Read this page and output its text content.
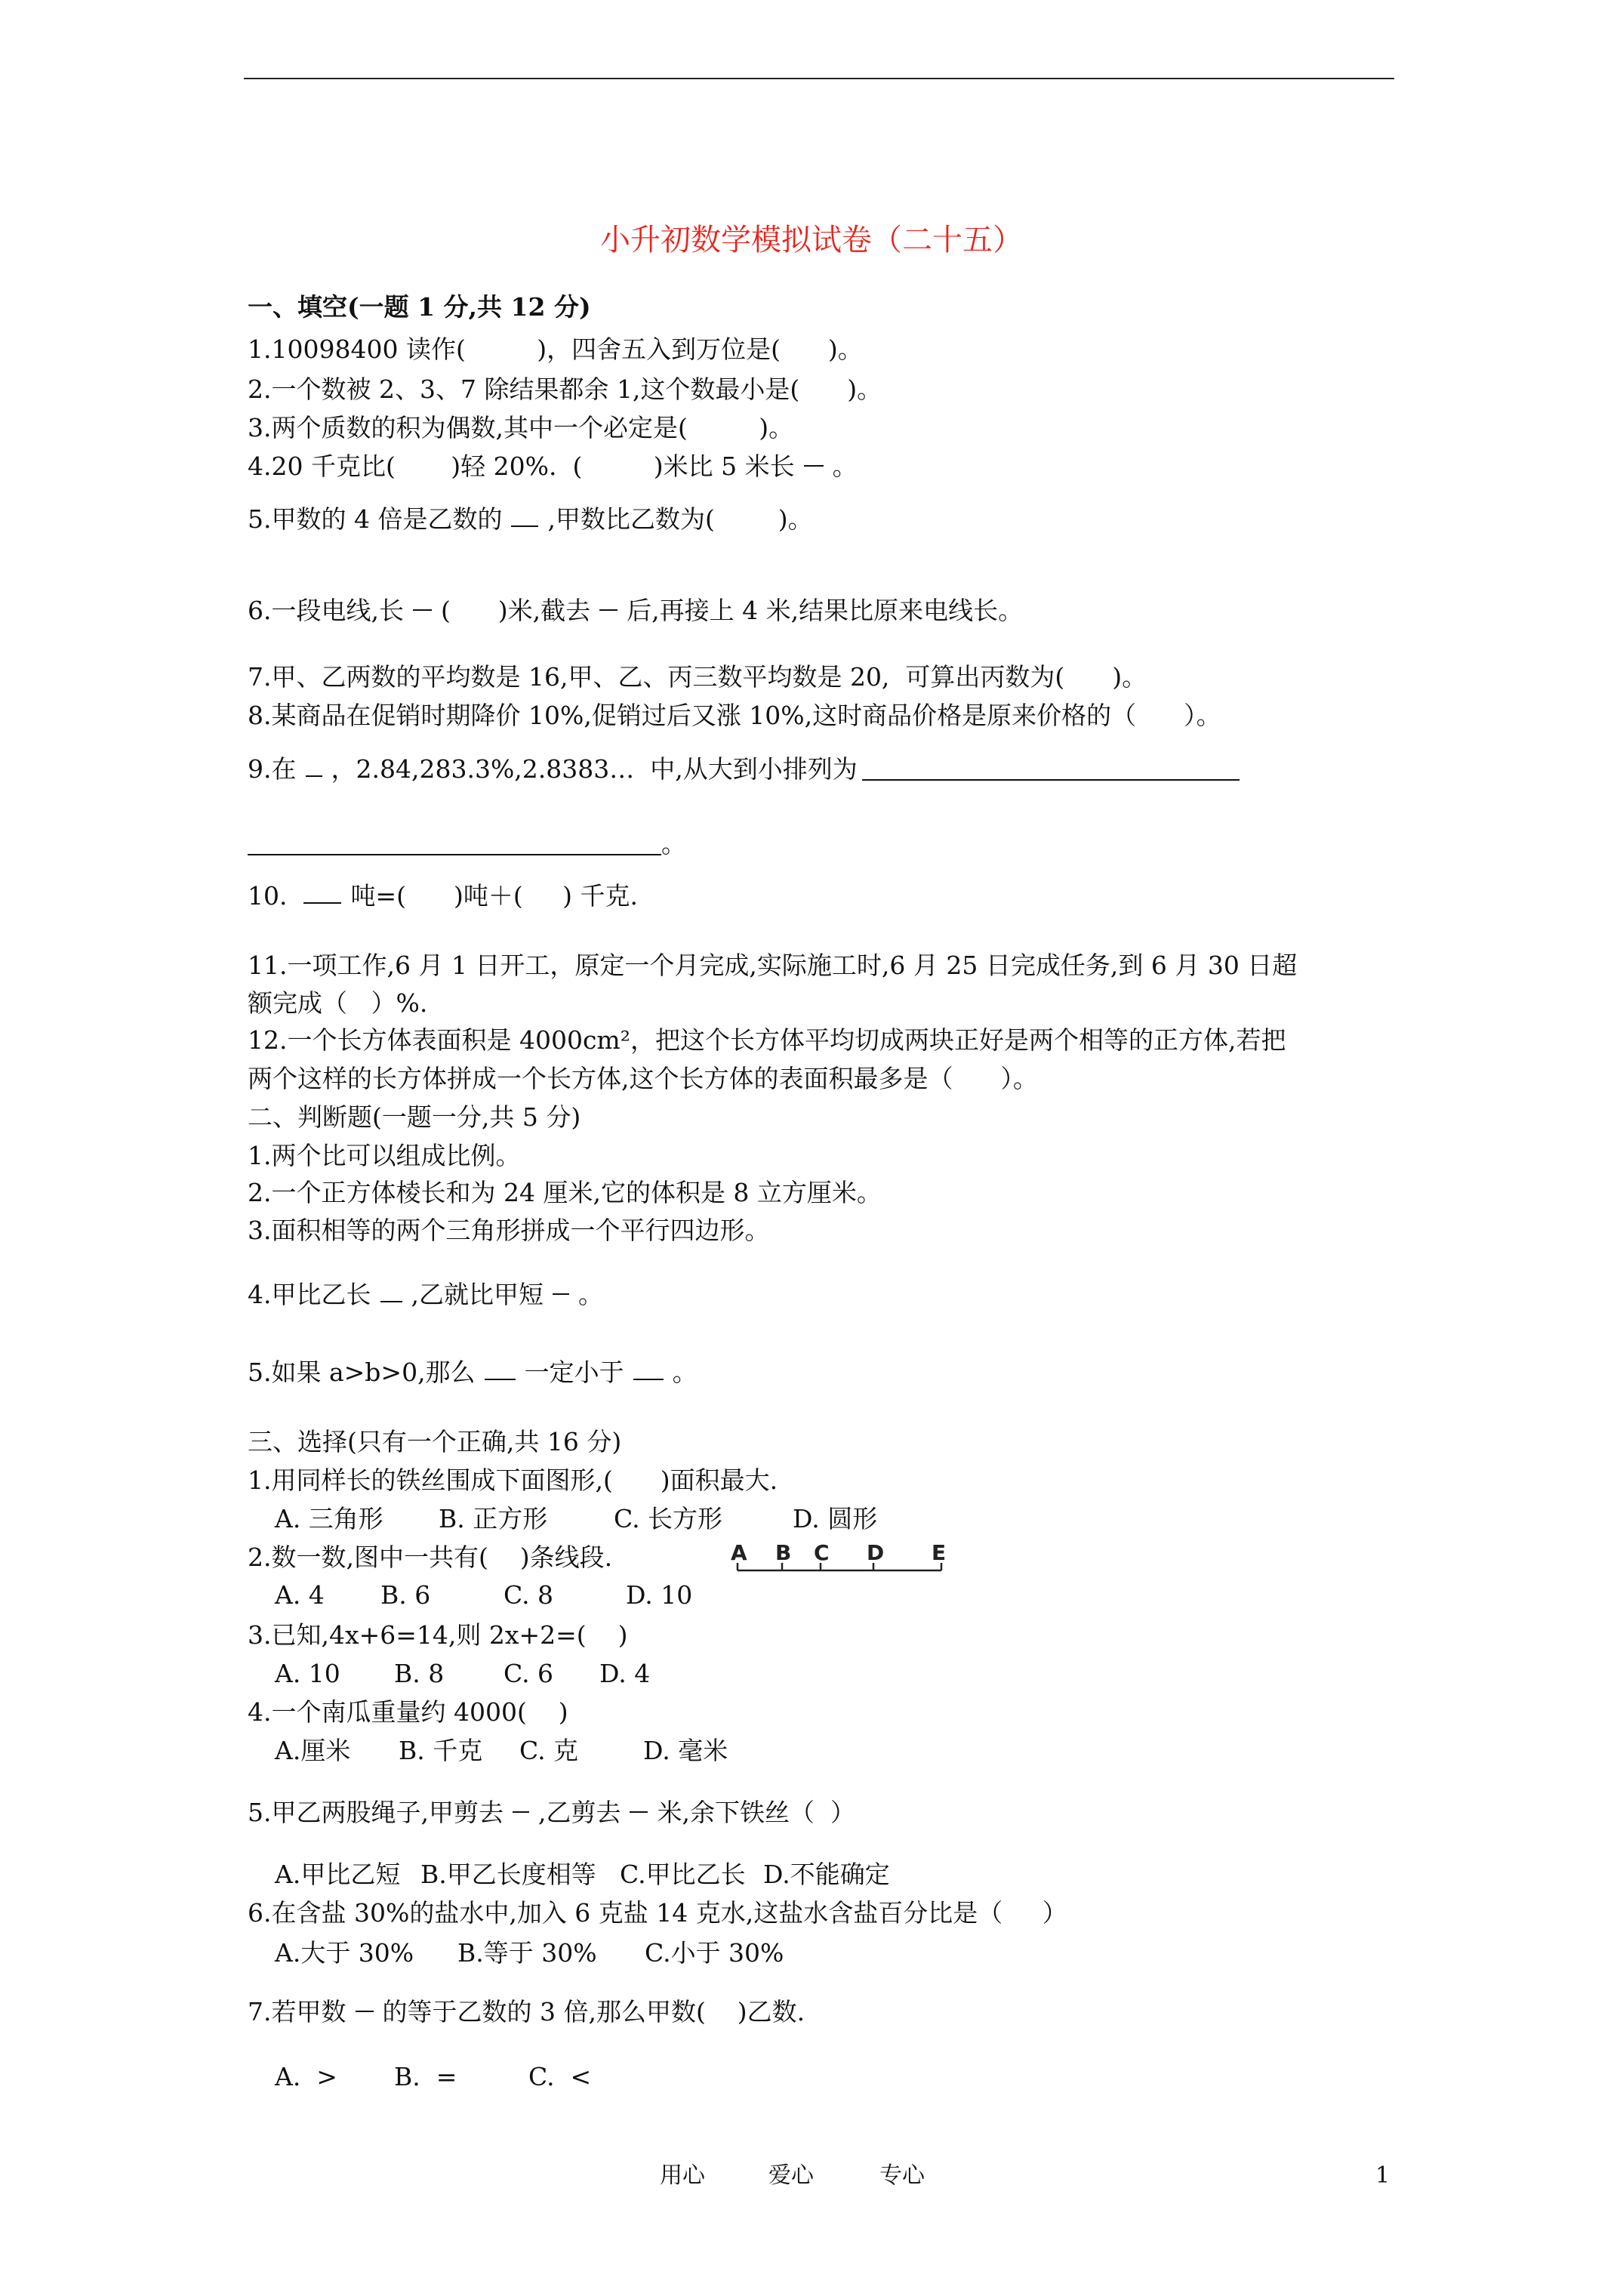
小升初数学模拟试卷（二十五）
一、填空(一题 1 分,共 12 分)
1.10098400 读作(         )，四舍五入到万位是(      )。
2.一个数被 2、3、7 除结果都余 1,这个数最小是(      )。
3.两个质数的积为偶数,其中一个必定是(         )。
4.20 千克比(       )轻 20%.  (         )米比 5 米长 。
5.甲数的 4 倍是乙数的 ,甲数比乙数为(        )。
6.一段电线,长 (      )米,截去 后,再接上 4 米,结果比原来电线长。
7.甲、乙两数的平均数是 16,甲、乙、丙三数平均数是 20,  可算出丙数为(      )。
8.某商品在促销时期降价 10%,促销过后又涨 10%,这时商品价格是原来价格的（      ）。
9.在 ，2.84,283.3%,2.8383…  中,从大到小排列为
。
10.	吨=(      )吨＋(     ) 千克.
11.一项工作,6 月 1 日开工，原定一个月完成,实际施工时,6 月 25 日完成任务,到 6 月 30 日超
额完成（   ）%.
12.一个长方体表面积是 4000cm²，把这个长方体平均切成两块正好是两个相等的正方体,若把
两个这样的长方体拼成一个长方体,这个长方体的表面积最多是（      ）。
二、判断题(一题一分,共 5 分)
1.两个比可以组成比例。
2.一个正方体棱长和为 24 厘米,它的体积是 8 立方厘米。
3.面积相等的两个三角形拼成一个平行四边形。
4.甲比乙长 ,乙就比甲短 。
5.如果 a>b>0,那么 一定小于 。
三、选择(只有一个正确,共 16 分)
1.用同样长的铁丝围成下面图形,(      )面积最大.
A. 三角形 B. 正方形	C. 长方形	D. 圆形
2.数一数,图中一共有(    )条线段.	A B C D E
A. 4 B. 6	C. 8	D. 10
3.已知,4x+6=14,则 2x+2=(    )
A. 10 B. 8 C. 6 D. 4
4.一个南瓜重量约 4000(    )
A.厘米 B. 千克 C. 克	D. 毫米
5.甲乙两股绳子,甲剪去 ,乙剪去 米,余下铁丝（  ）
A.甲比乙短 B.甲乙长度相等 C.甲比乙长 D.不能确定
6.在含盐 30%的盐水中,加入 6 克盐 14 克水,这盐水含盐百分比是（     ）
A.大于 30% B.等于 30% C.小于 30%
7.若甲数 的等于乙数的 3 倍,那么甲数(    )乙数.
A.  > B.  =	C.  <
用心	爱心	专心	1
